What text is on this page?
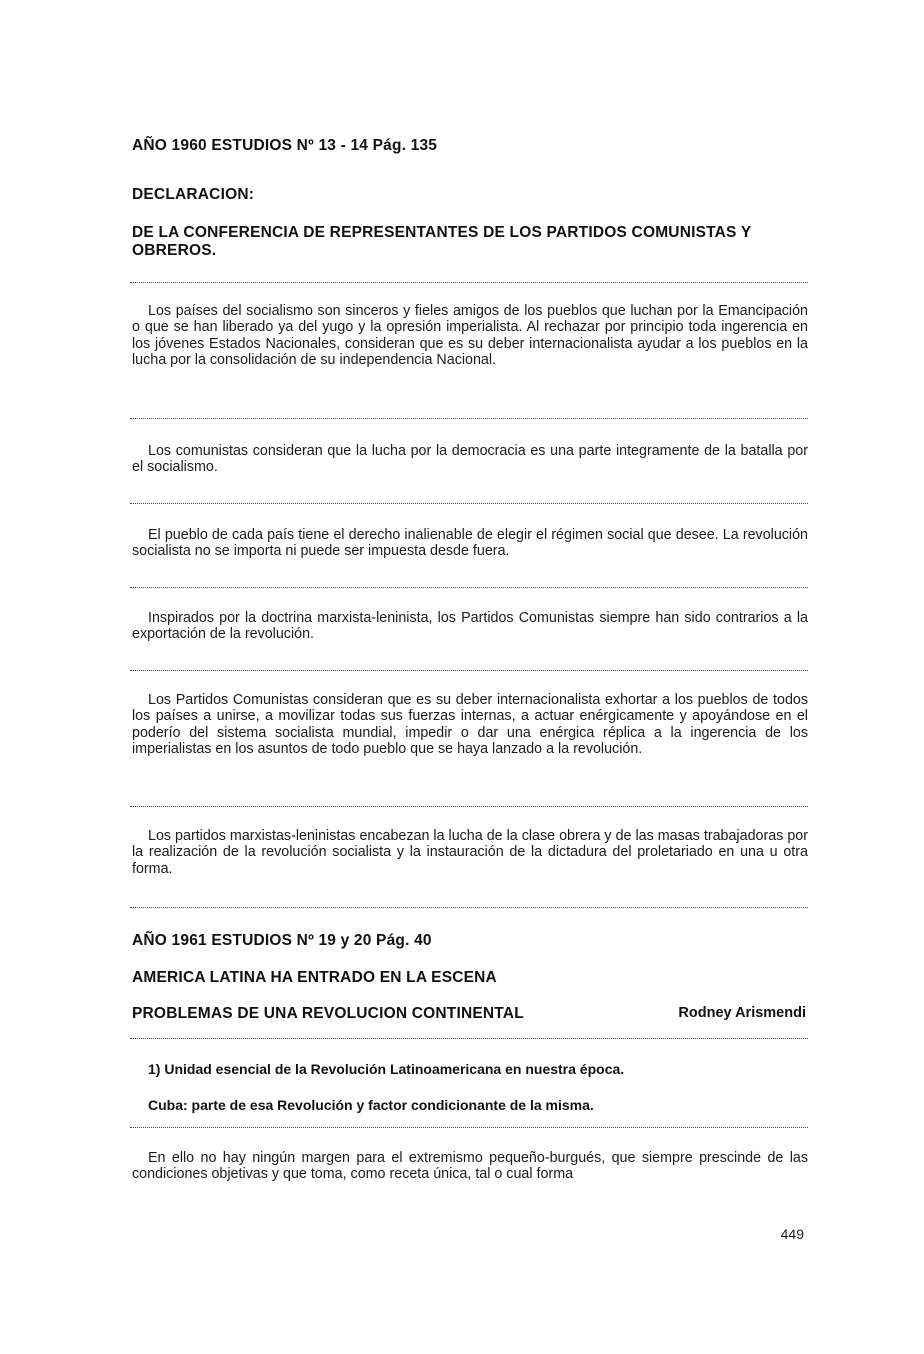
AÑO 1960 ESTUDIOS Nº 13 - 14 Pág. 135
DECLARACION:
DE LA CONFERENCIA DE REPRESENTANTES DE LOS PARTIDOS COMUNISTAS Y OBREROS.
Los países del socialismo son sinceros y fieles amigos de los pueblos que luchan por la Emancipación o que se han liberado ya del yugo y la opresión imperialista. Al rechazar por principio toda ingerencia en los jóvenes Estados Nacionales, consideran que es su deber internacionalista ayudar a los pueblos en la lucha por la consolidación de su independencia Nacional.
Los comunistas consideran que la lucha por la democracia es una parte integramente de la batalla por el socialismo.
El pueblo de cada país tiene el derecho inalienable de elegir el régimen social que desee. La revolución socialista no se importa ni puede ser impuesta desde fuera.
Inspirados por la doctrina marxista-leninista, los Partidos Comunistas siempre han sido contrarios a la exportación de la revolución.
Los Partidos Comunistas consideran que es su deber internacionalista exhortar a los pueblos de todos los países a unirse, a movilizar todas sus fuerzas internas, a actuar enérgicamente y apoyándose en el poderío del sistema socialista mundial, impedir o dar una enérgica réplica a la ingerencia de los imperialistas en los asuntos de todo pueblo que se haya lanzado a la revolución.
Los partidos marxistas-leninistas encabezan la lucha de la clase obrera y de las masas trabajadoras por la realización de la revolución socialista y la instauración de la dictadura del proletariado en una u otra forma.
AÑO 1961 ESTUDIOS Nº 19 y 20 Pág. 40
AMERICA LATINA HA ENTRADO EN LA ESCENA
PROBLEMAS DE UNA REVOLUCION CONTINENTAL	Rodney Arismendi
1) Unidad esencial de la Revolución Latinoamericana en nuestra época.
Cuba: parte de esa Revolución y factor condicionante de la misma.
En ello no hay ningún margen para el extremismo pequeño-burgués, que siempre prescinde de las condiciones objetivas y que toma, como receta única, tal o cual forma
449
